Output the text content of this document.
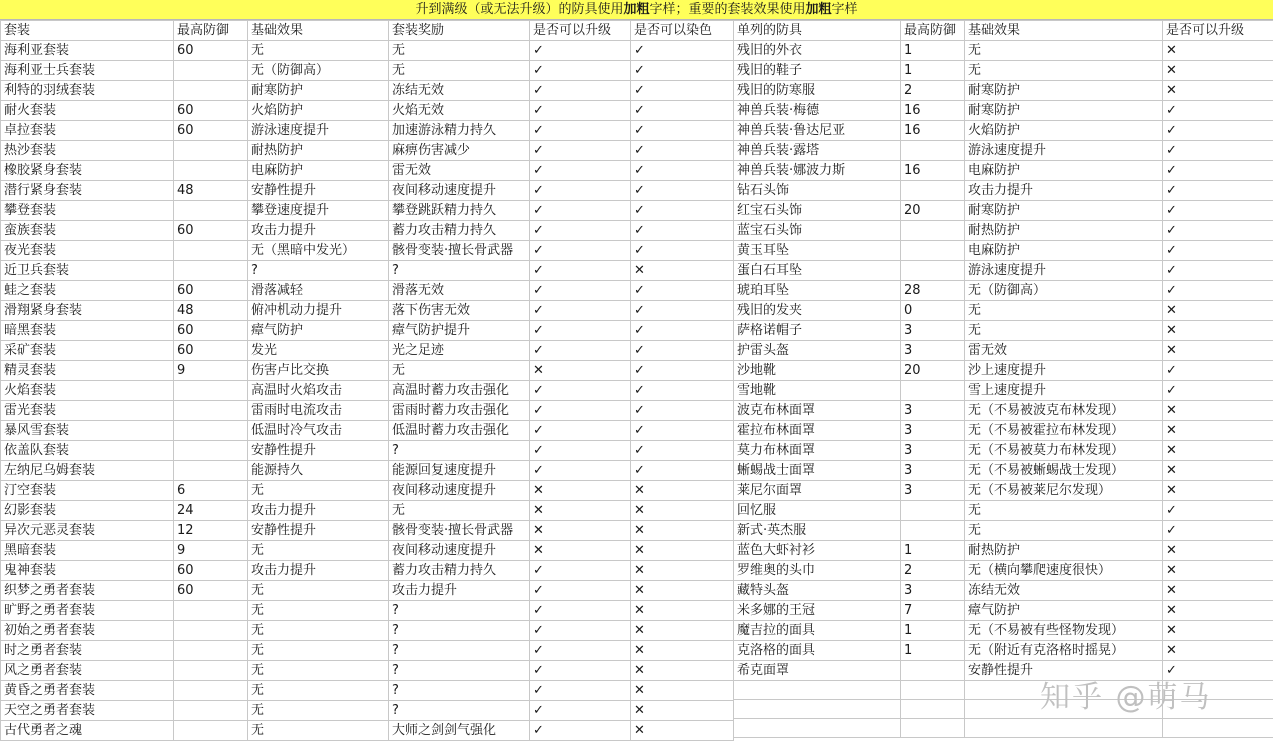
升到满级（或无法升级）的防具使用加粗字样；重要的套装效果使用加粗字样
套装	最高防御	基础效果	套装奖励	是否可以升级	是否可以染色
海利亚套装	60	无	无	✓	✓
海利亚士兵套装		无（防御高）	无	✓	✓
利特的羽绒套装		耐寒防护	冻结无效	✓	✓
耐火套装	60	火焰防护	火焰无效	✓	✓
卓拉套装	60	游泳速度提升	加速游泳精力持久	✓	✓
热沙套装		耐热防护	麻痹伤害减少	✓	✓
橡胶紧身套装		电麻防护	雷无效	✓	✓
潜行紧身套装	48	安静性提升	夜间移动速度提升	✓	✓
攀登套装		攀登速度提升	攀登跳跃精力持久	✓	✓
蛮族套装	60	攻击力提升	蓄力攻击精力持久	✓	✓
夜光套装		无（黑暗中发光）	骸骨变装·擅长骨武器	✓	✓
近卫兵套装		?	?	✓	✕
蛙之套装	60	滑落减轻	滑落无效	✓	✓
滑翔紧身套装	48	俯冲机动力提升	落下伤害无效	✓	✓
暗黑套装	60	瘴气防护	瘴气防护提升	✓	✓
采矿套装	60	发光	光之足迹	✓	✓
精灵套装	9	伤害卢比交换	无	✕	✓
火焰套装		高温时火焰攻击	高温时蓄力攻击强化	✓	✓
雷光套装		雷雨时电流攻击	雷雨时蓄力攻击强化	✓	✓
暴风雪套装		低温时冷气攻击	低温时蓄力攻击强化	✓	✓
依盖队套装		安静性提升	?	✓	✓
左纳尼乌姆套装		能源持久	能源回复速度提升	✓	✓
汀空套装	6	无	夜间移动速度提升	✕	✕
幻影套装	24	攻击力提升	无	✕	✕
异次元恶灵套装	12	安静性提升	骸骨变装·擅长骨武器	✕	✕
黑暗套装	9	无	夜间移动速度提升	✕	✕
鬼神套装	60	攻击力提升	蓄力攻击精力持久	✓	✕
织梦之勇者套装	60	无	攻击力提升	✓	✕
旷野之勇者套装		无	?	✓	✕
初始之勇者套装		无	?	✓	✕
时之勇者套装		无	?	✓	✕
风之勇者套装		无	?	✓	✕
黄昏之勇者套装		无	?	✓	✕
天空之勇者套装		无	?	✓	✕
古代勇者之魂		无	大师之剑剑气强化	✓	✕
单列的防具	最高防御	基础效果	是否可以升级
残旧的外衣	1	无	✕
残旧的鞋子	1	无	✕
残旧的防寒服	2	耐寒防护	✕
神兽兵装·梅德	16	耐寒防护	✓
神兽兵装·鲁达尼亚	16	火焰防护	✓
神兽兵装·露塔		游泳速度提升	✓
神兽兵装·娜波力斯	16	电麻防护	✓
钻石头饰		攻击力提升	✓
红宝石头饰	20	耐寒防护	✓
蓝宝石头饰		耐热防护	✓
黄玉耳坠		电麻防护	✓
蛋白石耳坠		游泳速度提升	✓
琥珀耳坠	28	无（防御高）	✓
残旧的发夹	0	无	✕
萨格诺帽子	3	无	✕
护雷头盔	3	雷无效	✕
沙地靴	20	沙上速度提升	✓
雪地靴		雪上速度提升	✓
波克布林面罩	3	无（不易被波克布林发现）	✕
霍拉布林面罩	3	无（不易被霍拉布林发现）	✕
莫力布林面罩	3	无（不易被莫力布林发现）	✕
蜥蜴战士面罩	3	无（不易被蜥蜴战士发现）	✕
莱尼尔面罩	3	无（不易被莱尼尔发现）	✕
回忆服		无	✓
新式·英杰服		无	✓
蓝色大虾衬衫	1	耐热防护	✕
罗维奥的头巾	2	无（横向攀爬速度很快）	✕
藏特头盔	3	冻结无效	✕
米多娜的王冠	7	瘴气防护	✕
魔吉拉的面具	1	无（不易被有些怪物发现）	✕
克洛格的面具	1	无（附近有克洛格时摇晃）	✕
希克面罩		安静性提升	✓

知乎 @萌马
